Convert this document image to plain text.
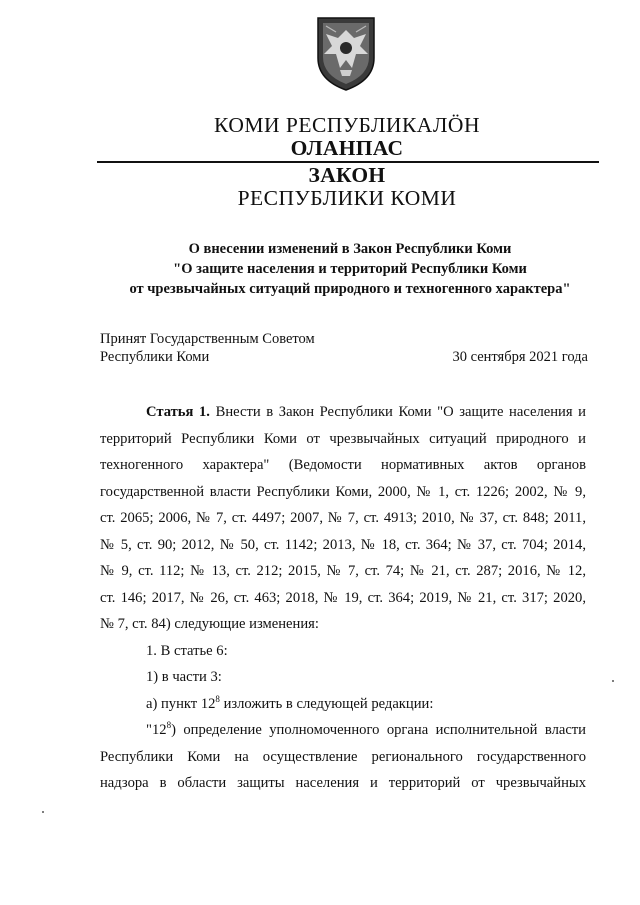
КОМИ РЕСПУБЛИКАЛÖН
ОЛАНПАС
ЗАКОН
РЕСПУБЛИКИ КОМИ
О внесении изменений в Закон Республики Коми
"О защите населения и территорий Республики Коми
от чрезвычайных ситуаций природного и техногенного характера"
Принят Государственным Советом
Республики Коми	30 сентября 2021 года

Статья 1. Внести в Закон Республики Коми "О защите населения и

территорий Республики Коми от чрезвычайных ситуаций природного и

техногенного характера" (Ведомости нормативных актов органов

государственной власти Республики Коми, 2000, № 1, ст. 1226; 2002, № 9,

ст. 2065; 2006, № 7, ст. 4497; 2007, № 7, ст. 4913; 2010, № 37, ст. 848; 2011,

№ 5, ст. 90; 2012, № 50, ст. 1142; 2013, № 18, ст. 364; № 37, ст. 704; 2014,

№ 9, ст. 112; № 13, ст. 212; 2015, № 7, ст. 74; № 21, ст. 287; 2016, № 12,

ст. 146; 2017, № 26, ст. 463; 2018, № 19, ст. 364; 2019, № 21, ст. 317; 2020,

№ 7, ст. 84) следующие изменения:

1. В статье 6:

1) в части 3:

а) пункт $12^8$ изложить в следующей редакции:

"$12^8$) определение уполномоченного органа исполнительной власти

Республики Коми на осуществление регионального государственного

надзора в области защиты населения и территорий от чрезвычайных
